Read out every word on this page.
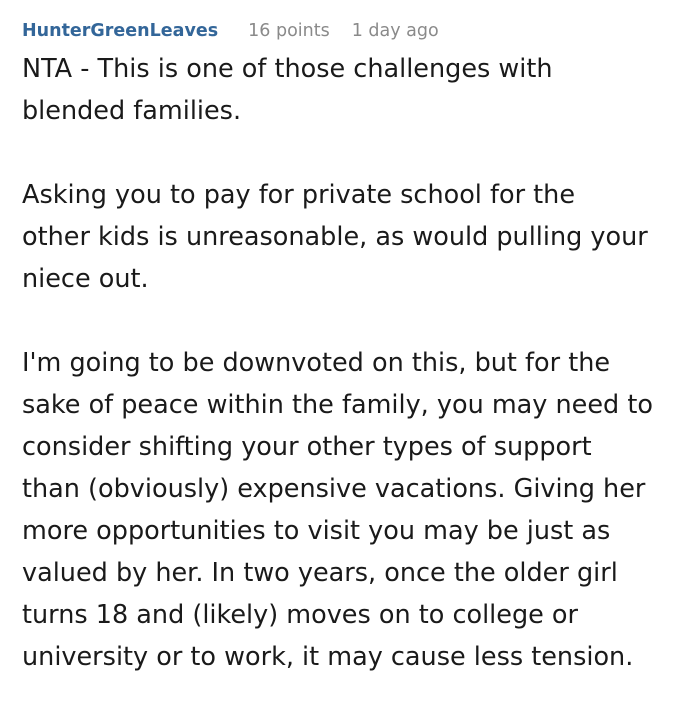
HunterGreenLeaves 16 points 1 day ago

NTA - This is one of those challenges with
blended families.

Asking you to pay for private school for the
other kids is unreasonable, as would pulling your
niece out.

I'm going to be downvoted on this, but for the
sake of peace within the family, you may need to
consider shifting your other types of support
than (obviously) expensive vacations. Giving her
more opportunities to visit you may be just as
valued by her. In two years, once the older girl
turns 18 and (likely) moves on to college or
university or to work, it may cause less tension.
